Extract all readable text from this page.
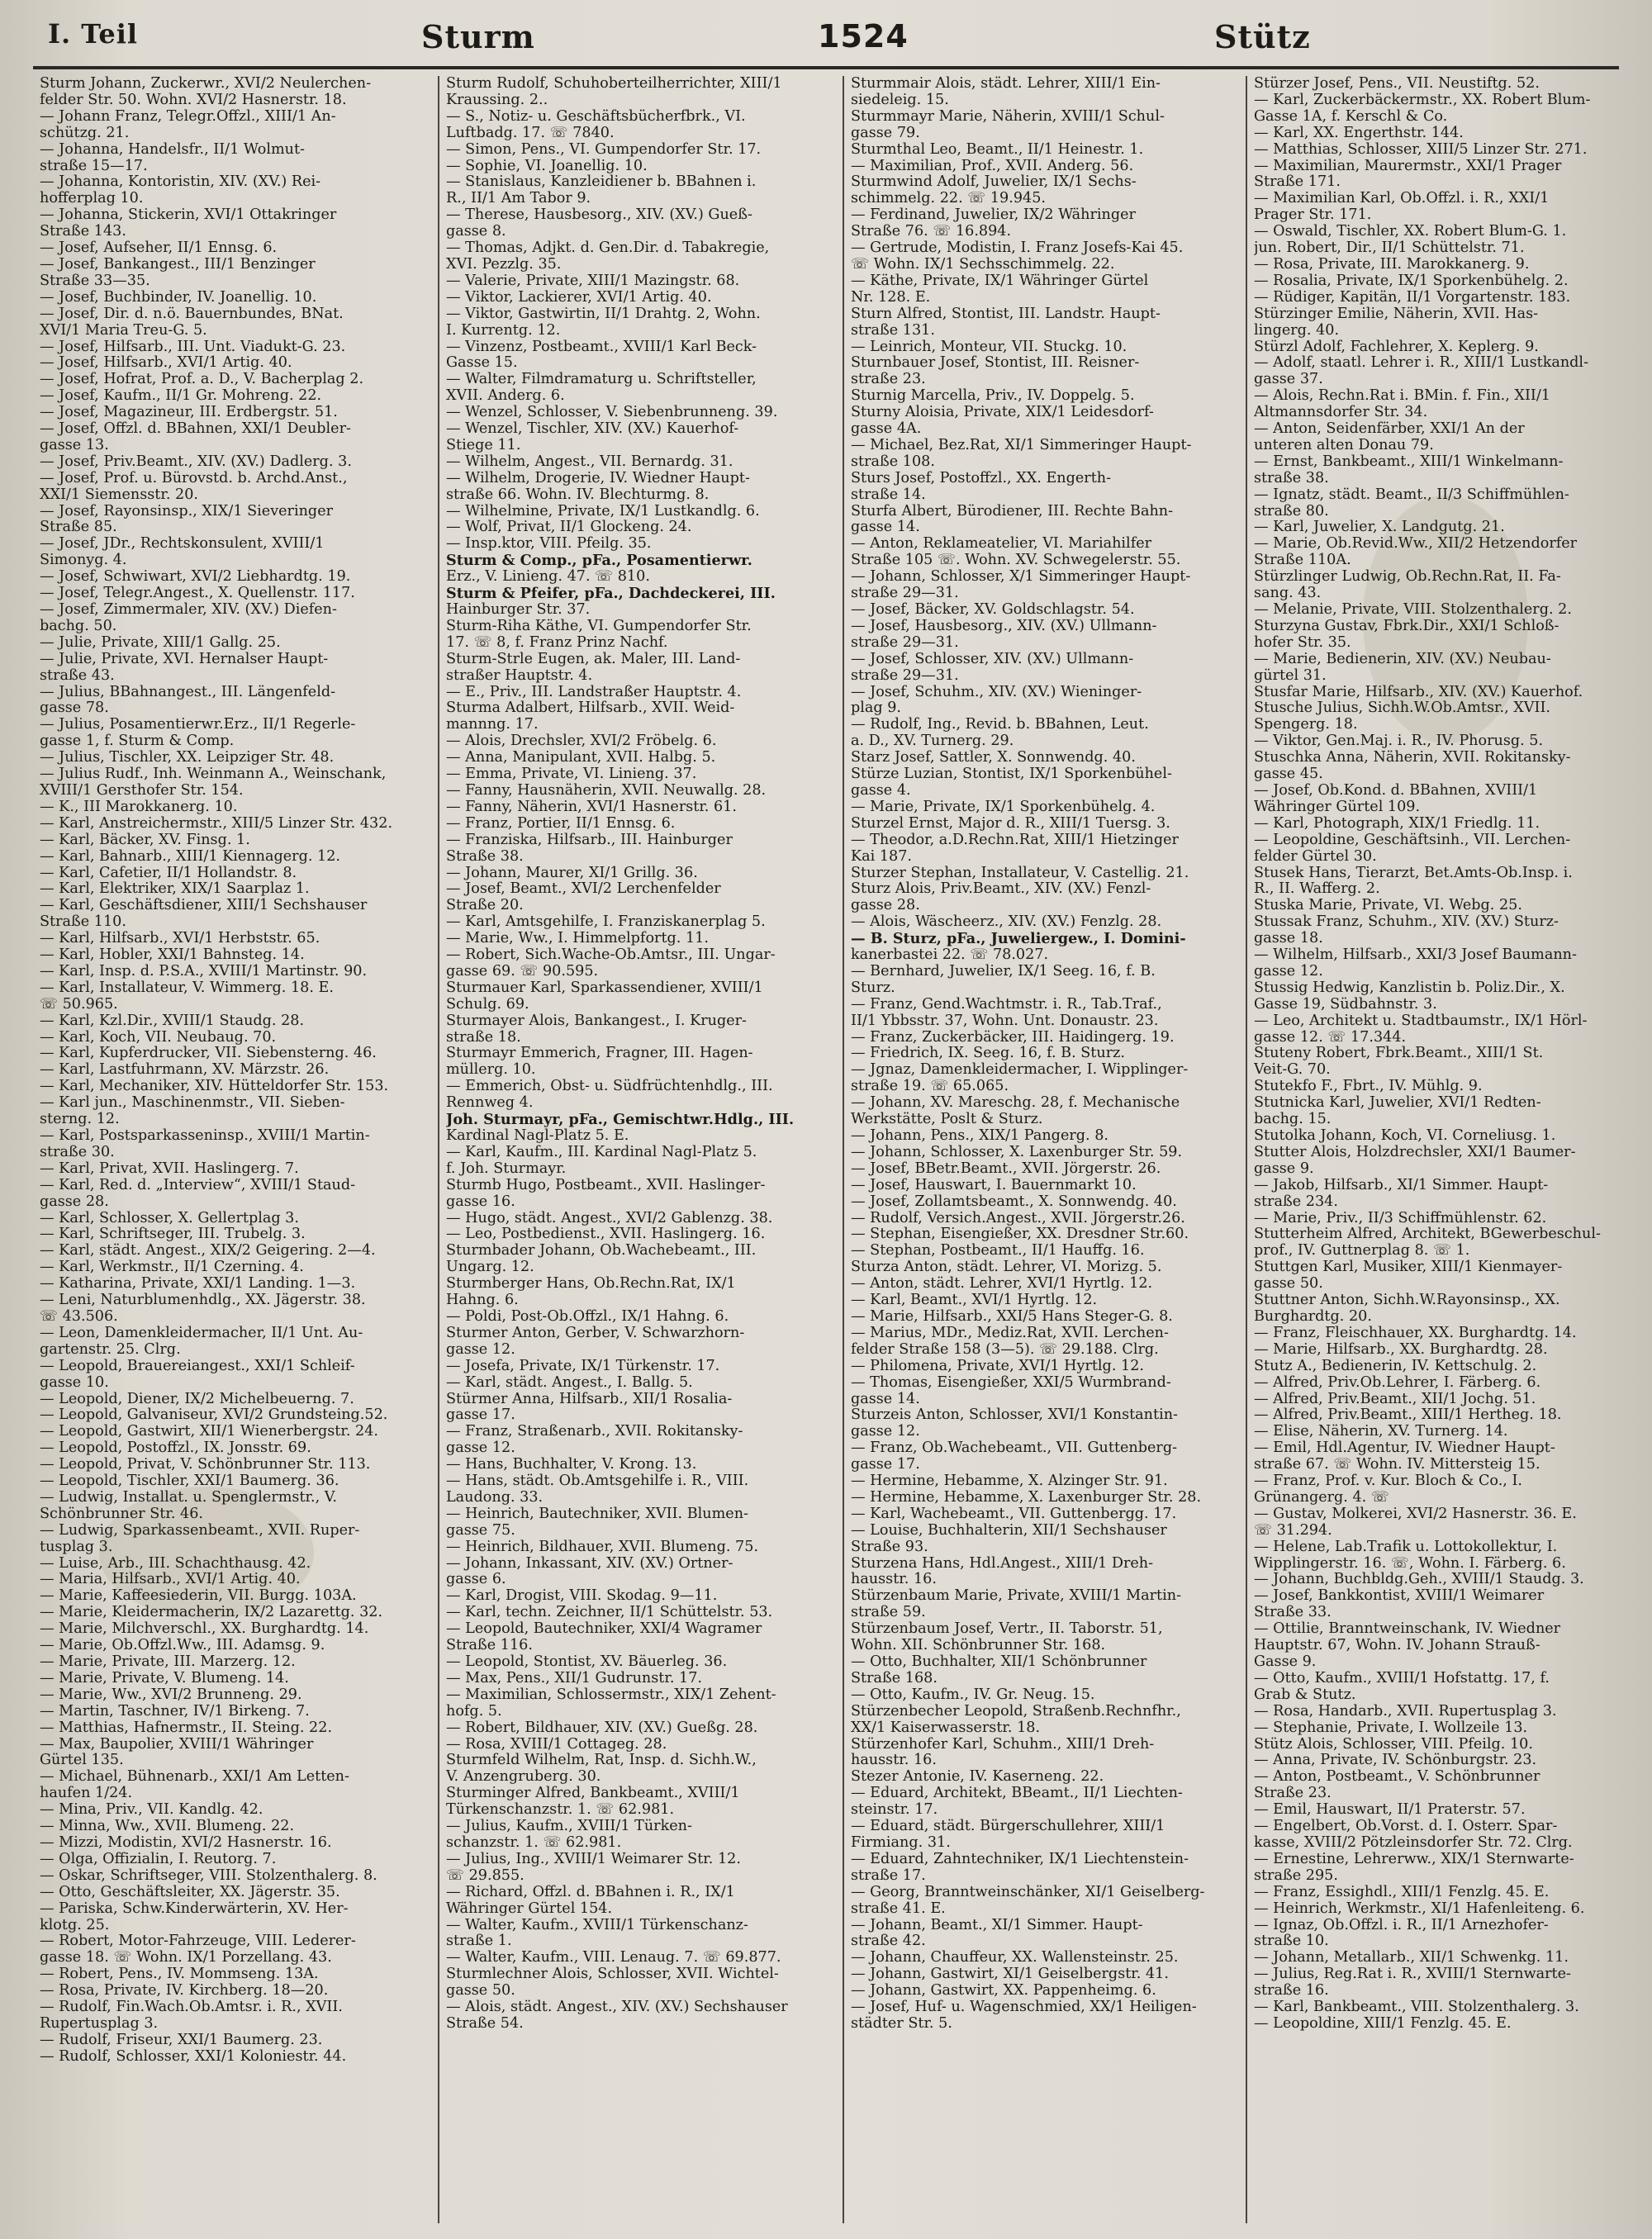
I. Teil	Sturm	1524	Stütz
Sturm Johann, Zuckerwr., XVI/2 Neulerchen-
felder Str. 50. Wohn. XVI/2 Hasnerstr. 18.
— Johann Franz, Telegr.Offzl., XIII/1 An-
schützg. 21.
— Johanna, Handelsfr., II/1 Wolmut-
straße 15—17.
— Johanna, Kontoristin, XIV. (XV.) Rei-
hofferplag 10.
— Johanna, Stickerin, XVI/1 Ottakringer
Straße 143.
— Josef, Aufseher, II/1 Ennsg. 6.
— Josef, Bankangest., III/1 Benzinger
Straße 33—35.
— Josef, Buchbinder, IV. Joanellig. 10.
— Josef, Dir. d. n.ö. Bauernbundes, BNat.
XVI/1 Maria Treu-G. 5.
— Josef, Hilfsarb., III. Unt. Viadukt-G. 23.
— Josef, Hilfsarb., XVI/1 Artig. 40.
— Josef, Hofrat, Prof. a. D., V. Bacherplag 2.
— Josef, Kaufm., II/1 Gr. Mohreng. 22.
— Josef, Magazineur, III. Erdbergstr. 51.
— Josef, Offzl. d. BBahnen, XXI/1 Deubler-
gasse 13.
— Josef, Priv.Beamt., XIV. (XV.) Dadlerg. 3.
— Josef, Prof. u. Bürovstd. b. Archd.Anst.,
XXI/1 Siemensstr. 20.
— Josef, Rayonsinsp., XIX/1 Sieveringer
Straße 85.
— Josef, JDr., Rechtskonsulent, XVIII/1
Simonyg. 4.
— Josef, Schwiwart, XVI/2 Liebhardtg. 19.
— Josef, Telegr.Angest., X. Quellenstr. 117.
— Josef, Zimmermaler, XIV. (XV.) Diefen-
bachg. 50.
— Julie, Private, XIII/1 Gallg. 25.
— Julie, Private, XVI. Hernalser Haupt-
straße 43.
— Julius, BBahnangest., III. Längenfeld-
gasse 78.
— Julius, Posamentierwr.Erz., II/1 Regerle-
gasse 1, f. Sturm & Comp.
— Julius, Tischler, XX. Leipziger Str. 48.
— Julius Rudf., Inh. Weinmann A., Weinschank,
XVIII/1 Gersthofer Str. 154.
— K., III Marokkanerg. 10.
— Karl, Anstreichermstr., XIII/5 Linzer Str. 432.
— Karl, Bäcker, XV. Finsg. 1.
— Karl, Bahnarb., XIII/1 Kiennagerg. 12.
— Karl, Cafetier, II/1 Hollandstr. 8.
— Karl, Elektriker, XIX/1 Saarplaz 1.
— Karl, Geschäftsdiener, XIII/1 Sechshauser
Straße 110.
— Karl, Hilfsarb., XVI/1 Herbststr. 65.
— Karl, Hobler, XXI/1 Bahnsteg. 14.
— Karl, Insp. d. P.S.A., XVIII/1 Martinstr. 90.
— Karl, Installateur, V. Wimmerg. 18. E.
☏ 50.965.
— Karl, Kzl.Dir., XVIII/1 Staudg. 28.
— Karl, Koch, VII. Neubaug. 70.
— Karl, Kupferdrucker, VII. Siebensterng. 46.
— Karl, Lastfuhrmann, XV. Märzstr. 26.
— Karl, Mechaniker, XIV. Hütteldorfer Str. 153.
— Karl jun., Maschinenmstr., VII. Sieben-
sterng. 12.
— Karl, Postsparkasseninsp., XVIII/1 Martin-
straße 30.
— Karl, Privat, XVII. Haslingerg. 7.
— Karl, Red. d. „Interview“, XVIII/1 Staud-
gasse 28.
— Karl, Schlosser, X. Gellertplag 3.
— Karl, Schriftseger, III. Trubelg. 3.
— Karl, städt. Angest., XIX/2 Geigering. 2—4.
— Karl, Werkmstr., II/1 Czerning. 4.
— Katharina, Private, XXI/1 Landing. 1—3.
— Leni, Naturblumenhdlg., XX. Jägerstr. 38.
☏ 43.506.
— Leon, Damenkleidermacher, II/1 Unt. Au-
gartenstr. 25. Clrg.
— Leopold, Brauereiangest., XXI/1 Schleif-
gasse 10.
— Leopold, Diener, IX/2 Michelbeuerng. 7.
— Leopold, Galvaniseur, XVI/2 Grundsteing.52.
— Leopold, Gastwirt, XII/1 Wienerbergstr. 24.
— Leopold, Postoffzl., IX. Jonsstr. 69.
— Leopold, Privat, V. Schönbrunner Str. 113.
— Leopold, Tischler, XXI/1 Baumerg. 36.
— Ludwig, Installat. u. Spenglermstr., V.
Schönbrunner Str. 46.
— Ludwig, Sparkassenbeamt., XVII. Ruper-
tusplag 3.
— Luise, Arb., III. Schachthausg. 42.
— Maria, Hilfsarb., XVI/1 Artig. 40.
— Marie, Kaffeesiederin, VII. Burgg. 103A.
— Marie, Kleidermacherin, IX/2 Lazarettg. 32.
— Marie, Milchverschl., XX. Burghardtg. 14.
— Marie, Ob.Offzl.Ww., III. Adamsg. 9.
— Marie, Private, III. Marzerg. 12.
— Marie, Private, V. Blumeng. 14.
— Marie, Ww., XVI/2 Brunneng. 29.
— Martin, Taschner, IV/1 Birkeng. 7.
— Matthias, Hafnermstr., II. Steing. 22.
— Max, Baupolier, XVIII/1 Währinger
Gürtel 135.
— Michael, Bühnenarb., XXI/1 Am Letten-
haufen 1/24.
— Mina, Priv., VII. Kandlg. 42.
— Minna, Ww., XVII. Blumeng. 22.
— Mizzi, Modistin, XVI/2 Hasnerstr. 16.
— Olga, Offizialin, I. Reutorg. 7.
— Oskar, Schriftseger, VIII. Stolzenthalerg. 8.
— Otto, Geschäftsleiter, XX. Jägerstr. 35.
— Pariska, Schw.Kinderwärterin, XV. Her-
klotg. 25.
— Robert, Motor-Fahrzeuge, VIII. Lederer-
gasse 18. ☏ Wohn. IX/1 Porzellang. 43.
— Robert, Pens., IV. Mommseng. 13A.
— Rosa, Private, IV. Kirchberg. 18—20.
— Rudolf, Fin.Wach.Ob.Amtsr. i. R., XVII.
Rupertusplag 3.
— Rudolf, Friseur, XXI/1 Baumerg. 23.
— Rudolf, Schlosser, XXI/1 Koloniestr. 44.
Sturm Rudolf, Schuhoberteilherrichter, XIII/1
Kraussing. 2..
— S., Notiz- u. Geschäftsbücherfbrk., VI.
Luftbadg. 17. ☏ 7840.
— Simon, Pens., VI. Gumpendorfer Str. 17.
— Sophie, VI. Joanellig. 10.
— Stanislaus, Kanzleidiener b. BBahnen i.
R., II/1 Am Tabor 9.
— Therese, Hausbesorg., XIV. (XV.) Gueß-
gasse 8.
— Thomas, Adjkt. d. Gen.Dir. d. Tabakregie,
XVI. Pezzlg. 35.
— Valerie, Private, XIII/1 Mazingstr. 68.
— Viktor, Lackierer, XVI/1 Artig. 40.
— Viktor, Gastwirtin, II/1 Drahtg. 2, Wohn.
I. Kurrentg. 12.
— Vinzenz, Postbeamt., XVIII/1 Karl Beck-
Gasse 15.
— Walter, Filmdramaturg u. Schriftsteller,
XVII. Anderg. 6.
— Wenzel, Schlosser, V. Siebenbrunneng. 39.
— Wenzel, Tischler, XIV. (XV.) Kauerhof-
Stiege 11.
— Wilhelm, Angest., VII. Bernardg. 31.
— Wilhelm, Drogerie, IV. Wiedner Haupt-
straße 66. Wohn. IV. Blechturmg. 8.
— Wilhelmine, Private, IX/1 Lustkandlg. 6.
— Wolf, Privat, II/1 Glockeng. 24.
— Insp.ktor, VIII. Pfeilg. 35.
Sturm & Comp., pFa., Posamentierwr.
Erz., V. Linieng. 47. ☏ 810.
Sturm & Pfeifer, pFa., Dachdeckerei, III.
Hainburger Str. 37.
Sturm-Riha Käthe, VI. Gumpendorfer Str.
17. ☏ 8, f. Franz Prinz Nachf.
Sturm-Strle Eugen, ak. Maler, III. Land-
straßer Hauptstr. 4.
— E., Priv., III. Landstraßer Hauptstr. 4.
Sturma Adalbert, Hilfsarb., XVII. Weid-
mannng. 17.
— Alois, Drechsler, XVI/2 Fröbelg. 6.
— Anna, Manipulant, XVII. Halbg. 5.
— Emma, Private, VI. Linieng. 37.
— Fanny, Hausnäherin, XVII. Neuwallg. 28.
— Fanny, Näherin, XVI/1 Hasnerstr. 61.
— Franz, Portier, II/1 Ennsg. 6.
— Franziska, Hilfsarb., III. Hainburger
Straße 38.
— Johann, Maurer, XI/1 Grillg. 36.
— Josef, Beamt., XVI/2 Lerchenfelder
Straße 20.
— Karl, Amtsgehilfe, I. Franziskanerplag 5.
— Marie, Ww., I. Himmelpfortg. 11.
— Robert, Sich.Wache-Ob.Amtsr., III. Ungar-
gasse 69. ☏ 90.595.
Sturmauer Karl, Sparkassendiener, XVIII/1
Schulg. 69.
Sturmayer Alois, Bankangest., I. Kruger-
straße 18.
Sturmayr Emmerich, Fragner, III. Hagen-
müllerg. 10.
— Emmerich, Obst- u. Südfrüchtenhdlg., III.
Rennweg 4.
Joh. Sturmayr, pFa., Gemischtwr.Hdlg., III.
Kardinal Nagl-Platz 5. E.
— Karl, Kaufm., III. Kardinal Nagl-Platz 5.
f. Joh. Sturmayr.
Sturmb Hugo, Postbeamt., XVII. Haslinger-
gasse 16.
— Hugo, städt. Angest., XVI/2 Gablenzg. 38.
— Leo, Postbedienst., XVII. Haslingerg. 16.
Sturmbader Johann, Ob.Wachebeamt., III.
Ungarg. 12.
Sturmberger Hans, Ob.Rechn.Rat, IX/1
Hahng. 6.
— Poldi, Post-Ob.Offzl., IX/1 Hahng. 6.
Sturmer Anton, Gerber, V. Schwarzhorn-
gasse 12.
— Josefa, Private, IX/1 Türkenstr. 17.
— Karl, städt. Angest., I. Ballg. 5.
Stürmer Anna, Hilfsarb., XII/1 Rosalia-
gasse 17.
— Franz, Straßenarb., XVII. Rokitansky-
gasse 12.
— Hans, Buchhalter, V. Krong. 13.
— Hans, städt. Ob.Amtsgehilfe i. R., VIII.
Laudong. 33.
— Heinrich, Bautechniker, XVII. Blumen-
gasse 75.
— Heinrich, Bildhauer, XVII. Blumeng. 75.
— Johann, Inkassant, XIV. (XV.) Ortner-
gasse 6.
— Karl, Drogist, VIII. Skodag. 9—11.
— Karl, techn. Zeichner, II/1 Schüttelstr. 53.
— Leopold, Bautechniker, XXI/4 Wagramer
Straße 116.
— Leopold, Stontist, XV. Bäuerleg. 36.
— Max, Pens., XII/1 Gudrunstr. 17.
— Maximilian, Schlossermstr., XIX/1 Zehent-
hofg. 5.
— Robert, Bildhauer, XIV. (XV.) Gueßg. 28.
— Rosa, XVIII/1 Cottageg. 28.
Sturmfeld Wilhelm, Rat, Insp. d. Sichh.W.,
V. Anzengruberg. 30.
Sturminger Alfred, Bankbeamt., XVIII/1
Türkenschanzstr. 1. ☏ 62.981.
— Julius, Kaufm., XVIII/1 Türken-
schanzstr. 1. ☏ 62.981.
— Julius, Ing., XVIII/1 Weimarer Str. 12.
☏ 29.855.
— Richard, Offzl. d. BBahnen i. R., IX/1
Währinger Gürtel 154.
— Walter, Kaufm., XVIII/1 Türkenschanz-
straße 1.
— Walter, Kaufm., VIII. Lenaug. 7. ☏ 69.877.
Sturmlechner Alois, Schlosser, XVII. Wichtel-
gasse 50.
— Alois, städt. Angest., XIV. (XV.) Sechshauser
Straße 54.
Sturmmair Alois, städt. Lehrer, XIII/1 Ein-
siedeleig. 15.
Sturmmayr Marie, Näherin, XVIII/1 Schul-
gasse 79.
Sturmthal Leo, Beamt., II/1 Heinestr. 1.
— Maximilian, Prof., XVII. Anderg. 56.
Sturmwind Adolf, Juwelier, IX/1 Sechs-
schimmelg. 22. ☏ 19.945.
— Ferdinand, Juwelier, IX/2 Währinger
Straße 76. ☏ 16.894.
— Gertrude, Modistin, I. Franz Josefs-Kai 45.
☏ Wohn. IX/1 Sechsschimmelg. 22.
— Käthe, Private, IX/1 Währinger Gürtel
Nr. 128. E.
Sturn Alfred, Stontist, III. Landstr. Haupt-
straße 131.
— Leinrich, Monteur, VII. Stuckg. 10.
Sturnbauer Josef, Stontist, III. Reisner-
straße 23.
Sturnig Marcella, Priv., IV. Doppelg. 5.
Sturny Aloisia, Private, XIX/1 Leidesdorf-
gasse 4A.
— Michael, Bez.Rat, XI/1 Simmeringer Haupt-
straße 108.
Sturs Josef, Postoffzl., XX. Engerth-
straße 14.
Sturfa Albert, Bürodiener, III. Rechte Bahn-
gasse 14.
— Anton, Reklameatelier, VI. Mariahilfer
Straße 105 ☏. Wohn. XV. Schwegelerstr. 55.
— Johann, Schlosser, X/1 Simmeringer Haupt-
straße 29—31.
— Josef, Bäcker, XV. Goldschlagstr. 54.
— Josef, Hausbesorg., XIV. (XV.) Ullmann-
straße 29—31.
— Josef, Schlosser, XIV. (XV.) Ullmann-
straße 29—31.
— Josef, Schuhm., XIV. (XV.) Wieninger-
plag 9.
— Rudolf, Ing., Revid. b. BBahnen, Leut.
a. D., XV. Turnerg. 29.
Starz Josef, Sattler, X. Sonnwendg. 40.
Stürze Luzian, Stontist, IX/1 Sporkenbühel-
gasse 4.
— Marie, Private, IX/1 Sporkenbühelg. 4.
Sturzel Ernst, Major d. R., XIII/1 Tuersg. 3.
— Theodor, a.D.Rechn.Rat, XIII/1 Hietzinger
Kai 187.
Sturzer Stephan, Installateur, V. Castellig. 21.
Sturz Alois, Priv.Beamt., XIV. (XV.) Fenzl-
gasse 28.
— Alois, Wäscheerz., XIV. (XV.) Fenzlg. 28.
— B. Sturz, pFa., Juweliergew., I. Domini-
kanerbastei 22. ☏ 78.027.
— Bernhard, Juwelier, IX/1 Seeg. 16, f. B.
Sturz.
— Franz, Gend.Wachtmstr. i. R., Tab.Traf.,
II/1 Ybbsstr. 37, Wohn. Unt. Donaustr. 23.
— Franz, Zuckerbäcker, III. Haidingerg. 19.
— Friedrich, IX. Seeg. 16, f. B. Sturz.
— Jgnaz, Damenkleidermacher, I. Wipplinger-
straße 19. ☏ 65.065.
— Johann, XV. Mareschg. 28, f. Mechanische
Werkstätte, Poslt & Sturz.
— Johann, Pens., XIX/1 Pangerg. 8.
— Johann, Schlosser, X. Laxenburger Str. 59.
— Josef, BBetr.Beamt., XVII. Jörgerstr. 26.
— Josef, Hauswart, I. Bauernmarkt 10.
— Josef, Zollamtsbeamt., X. Sonnwendg. 40.
— Rudolf, Versich.Angest., XVII. Jörgerstr.26.
— Stephan, Eisengießer, XX. Dresdner Str.60.
— Stephan, Postbeamt., II/1 Hauffg. 16.
Sturza Anton, städt. Lehrer, VI. Morizg. 5.
— Anton, städt. Lehrer, XVI/1 Hyrtlg. 12.
— Karl, Beamt., XVI/1 Hyrtlg. 12.
— Marie, Hilfsarb., XXI/5 Hans Steger-G. 8.
— Marius, MDr., Mediz.Rat, XVII. Lerchen-
felder Straße 158 (3—5). ☏ 29.188. Clrg.
— Philomena, Private, XVI/1 Hyrtlg. 12.
— Thomas, Eisengießer, XXI/5 Wurmbrand-
gasse 14.
Sturzeis Anton, Schlosser, XVI/1 Konstantin-
gasse 12.
— Franz, Ob.Wachebeamt., VII. Guttenberg-
gasse 17.
— Hermine, Hebamme, X. Alzinger Str. 91.
— Hermine, Hebamme, X. Laxenburger Str. 28.
— Karl, Wachebeamt., VII. Guttenbergg. 17.
— Louise, Buchhalterin, XII/1 Sechshauser
Straße 93.
Sturzena Hans, Hdl.Angest., XIII/1 Dreh-
hausstr. 16.
Stürzenbaum Marie, Private, XVIII/1 Martin-
straße 59.
Stürzenbaum Josef, Vertr., II. Taborstr. 51,
Wohn. XII. Schönbrunner Str. 168.
— Otto, Buchhalter, XII/1 Schönbrunner
Straße 168.
— Otto, Kaufm., IV. Gr. Neug. 15.
Stürzenbecher Leopold, Straßenb.Rechnfhr.,
XX/1 Kaiserwasserstr. 18.
Stürzenhofer Karl, Schuhm., XIII/1 Dreh-
hausstr. 16.
Stezer Antonie, IV. Kaserneng. 22.
— Eduard, Architekt, BBeamt., II/1 Liechten-
steinstr. 17.
— Eduard, städt. Bürgerschullehrer, XIII/1
Firmiang. 31.
— Eduard, Zahntechniker, IX/1 Liechtenstein-
straße 17.
— Georg, Branntweinschänker, XI/1 Geiselberg-
straße 41. E.
— Johann, Beamt., XI/1 Simmer. Haupt-
straße 42.
— Johann, Chauffeur, XX. Wallensteinstr. 25.
— Johann, Gastwirt, XI/1 Geiselbergstr. 41.
— Johann, Gastwirt, XX. Pappenheimg. 6.
— Josef, Huf- u. Wagenschmied, XX/1 Heiligen-
städter Str. 5.
Stürzer Josef, Pens., VII. Neustiftg. 52.
— Karl, Zuckerbäckermstr., XX. Robert Blum-
Gasse 1A, f. Kerschl & Co.
— Karl, XX. Engerthstr. 144.
— Matthias, Schlosser, XIII/5 Linzer Str. 271.
— Maximilian, Maurermstr., XXI/1 Prager
Straße 171.
— Maximilian Karl, Ob.Offzl. i. R., XXI/1
Prager Str. 171.
— Oswald, Tischler, XX. Robert Blum-G. 1.
jun. Robert, Dir., II/1 Schüttelstr. 71.
— Rosa, Private, III. Marokkanerg. 9.
— Rosalia, Private, IX/1 Sporkenbühelg. 2.
— Rüdiger, Kapitän, II/1 Vorgartenstr. 183.
Stürzinger Emilie, Näherin, XVII. Has-
lingerg. 40.
Stürzl Adolf, Fachlehrer, X. Keplerg. 9.
— Adolf, staatl. Lehrer i. R., XIII/1 Lustkandl-
gasse 37.
— Alois, Rechn.Rat i. BMin. f. Fin., XII/1
Altmannsdorfer Str. 34.
— Anton, Seidenfärber, XXI/1 An der
unteren alten Donau 79.
— Ernst, Bankbeamt., XIII/1 Winkelmann-
straße 38.
— Ignatz, städt. Beamt., II/3 Schiffmühlen-
straße 80.
— Karl, Juwelier, X. Landgutg. 21.
— Marie, Ob.Revid.Ww., XII/2 Hetzendorfer
Straße 110A.
Stürzlinger Ludwig, Ob.Rechn.Rat, II. Fa-
sang. 43.
— Melanie, Private, VIII. Stolzenthalerg. 2.
Sturzyna Gustav, Fbrk.Dir., XXI/1 Schloß-
hofer Str. 35.
— Marie, Bedienerin, XIV. (XV.) Neubau-
gürtel 31.
Stusfar Marie, Hilfsarb., XIV. (XV.) Kauerhof.
Stusche Julius, Sichh.W.Ob.Amtsr., XVII.
Spengerg. 18.
— Viktor, Gen.Maj. i. R., IV. Phorusg. 5.
Stuschka Anna, Näherin, XVII. Rokitansky-
gasse 45.
— Josef, Ob.Kond. d. BBahnen, XVIII/1
Währinger Gürtel 109.
— Karl, Photograph, XIX/1 Friedlg. 11.
— Leopoldine, Geschäftsinh., VII. Lerchen-
felder Gürtel 30.
Stusek Hans, Tierarzt, Bet.Amts-Ob.Insp. i.
R., II. Wafferg. 2.
Stuska Marie, Private, VI. Webg. 25.
Stussak Franz, Schuhm., XIV. (XV.) Sturz-
gasse 18.
— Wilhelm, Hilfsarb., XXI/3 Josef Baumann-
gasse 12.
Stussig Hedwig, Kanzlistin b. Poliz.Dir., X.
Gasse 19, Südbahnstr. 3.
— Leo, Architekt u. Stadtbaumstr., IX/1 Hörl-
gasse 12. ☏ 17.344.
Stuteny Robert, Fbrk.Beamt., XIII/1 St.
Veit-G. 70.
Stutekfo F., Fbrt., IV. Mühlg. 9.
Stutnicka Karl, Juwelier, XVI/1 Redten-
bachg. 15.
Stutolka Johann, Koch, VI. Corneliusg. 1.
Stutter Alois, Holzdrechsler, XXI/1 Baumer-
gasse 9.
— Jakob, Hilfsarb., XI/1 Simmer. Haupt-
straße 234.
— Marie, Priv., II/3 Schiffmühlenstr. 62.
Stutterheim Alfred, Architekt, BGewerbeschul-
prof., IV. Guttnerplag 8. ☏ 1.
Stuttgen Karl, Musiker, XIII/1 Kienmayer-
gasse 50.
Stuttner Anton, Sichh.W.Rayonsinsp., XX.
Burghardtg. 20.
— Franz, Fleischhauer, XX. Burghardtg. 14.
— Marie, Hilfsarb., XX. Burghardtg. 28.
Stutz A., Bedienerin, IV. Kettschulg. 2.
— Alfred, Priv.Ob.Lehrer, I. Färberg. 6.
— Alfred, Priv.Beamt., XII/1 Jochg. 51.
— Alfred, Priv.Beamt., XIII/1 Hertheg. 18.
— Elise, Näherin, XV. Turnerg. 14.
— Emil, Hdl.Agentur, IV. Wiedner Haupt-
straße 67. ☏ Wohn. IV. Mittersteig 15.
— Franz, Prof. v. Kur. Bloch & Co., I.
Grünangerg. 4. ☏
— Gustav, Molkerei, XVI/2 Hasnerstr. 36. E.
☏ 31.294.
— Helene, Lab.Trafik u. Lottokollektur, I.
Wipplingerstr. 16. ☏, Wohn. I. Färberg. 6.
— Johann, Buchbldg.Geh., XVIII/1 Staudg. 3.
— Josef, Bankkontist, XVIII/1 Weimarer
Straße 33.
— Ottilie, Branntweinschank, IV. Wiedner
Hauptstr. 67, Wohn. IV. Johann Strauß-
Gasse 9.
— Otto, Kaufm., XVIII/1 Hofstattg. 17, f.
Grab & Stutz.
— Rosa, Handarb., XVII. Rupertusplag 3.
— Stephanie, Private, I. Wollzeile 13.
Stütz Alois, Schlosser, VIII. Pfeilg. 10.
— Anna, Private, IV. Schönburgstr. 23.
— Anton, Postbeamt., V. Schönbrunner
Straße 23.
— Emil, Hauswart, II/1 Praterstr. 57.
— Engelbert, Ob.Vorst. d. I. Österr. Spar-
kasse, XVIII/2 Pötzleinsdorfer Str. 72. Clrg.
— Ernestine, Lehrerww., XIX/1 Sternwarte-
straße 295.
— Franz, Essighdl., XIII/1 Fenzlg. 45. E.
— Heinrich, Werkmstr., XI/1 Hafenleiteng. 6.
— Ignaz, Ob.Offzl. i. R., II/1 Arnezhofer-
straße 10.
— Johann, Metallarb., XII/1 Schwenkg. 11.
— Julius, Reg.Rat i. R., XVIII/1 Sternwarte-
straße 16.
— Karl, Bankbeamt., VIII. Stolzenthalerg. 3.
— Leopoldine, XIII/1 Fenzlg. 45. E.
